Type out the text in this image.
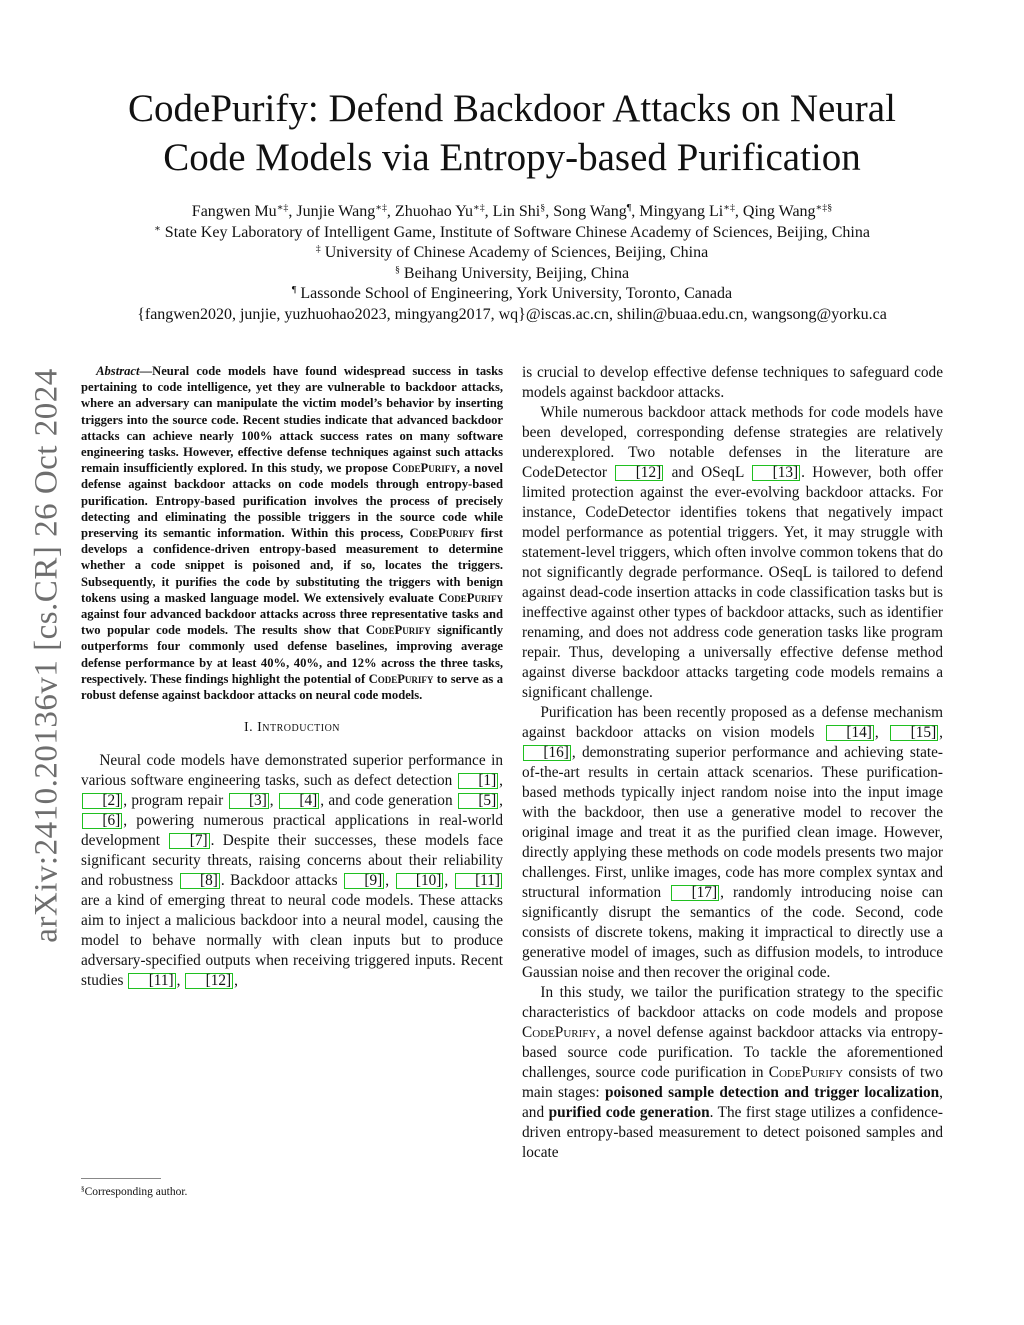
arXiv:2410.20136v1 [cs.CR] 26 Oct 2024
CodePurify: Defend Backdoor Attacks on Neural
Code Models via Entropy-based Purification
Fangwen Mu∗‡, Junjie Wang∗‡, Zhuohao Yu∗‡, Lin Shi§, Song Wang¶, Mingyang Li∗‡, Qing Wang∗‡§
∗ State Key Laboratory of Intelligent Game, Institute of Software Chinese Academy of Sciences, Beijing, China
‡ University of Chinese Academy of Sciences, Beijing, China
§ Beihang University, Beijing, China
¶ Lassonde School of Engineering, York University, Toronto, Canada
{fangwen2020, junjie, yuzhuohao2023, mingyang2017, wq}@iscas.ac.cn, shilin@buaa.edu.cn, wangsong@yorku.ca

Abstract—Neural code models have found widespread success in tasks pertaining to code intelligence, yet they are vulnerable to backdoor attacks, where an adversary can manipulate the victim model’s behavior by inserting triggers into the source code. Recent studies indicate that advanced backdoor attacks can achieve nearly 100% attack success rates on many software engineering tasks. However, effective defense techniques against such attacks remain insufficiently explored. In this study, we propose CodePurify, a novel defense against backdoor attacks on code models through entropy-based purification. Entropy-based purification involves the process of precisely detecting and eliminating the possible triggers in the source code while preserving its semantic information. Within this process, CodePurify first develops a confidence-driven entropy-based measurement to determine whether a code snippet is poisoned and, if so, locates the triggers. Subsequently, it purifies the code by substituting the triggers with benign tokens using a masked language model. We extensively evaluate CodePurify against four advanced backdoor attacks across three representative tasks and two popular code models. The results show that CodePurify significantly outperforms four commonly used defense baselines, improving average defense performance by at least 40%, 40%, and 12% across the three tasks, respectively. These findings highlight the potential of CodePurify to serve as a robust defense against backdoor attacks on neural code models.

I. Introduction

Neural code models have demonstrated superior performance in various software engineering tasks, such as defect detection [1] , [2] , program repair [3] , [4] , and code generation [5] , [6] , powering numerous practical applications in real-world development [7] . Despite their successes, these models face significant security threats, raising concerns about their reliability and robustness [8] . Backdoor attacks [9] , [10] , [11] are a kind of emerging threat to neural code models. These attacks aim to inject a malicious backdoor into a neural model, causing the model to behave normally with clean inputs but to produce adversary-specified outputs when receiving triggered inputs. Recent studies [11] , [12] ,

is crucial to develop effective defense techniques to safeguard code models against backdoor attacks.

While numerous backdoor attack methods for code models have been developed, corresponding defense strategies are relatively underexplored. Two notable defenses in the literature are CodeDetector [12] and OSeqL [13] . However, both offer limited protection against the ever-evolving backdoor attacks. For instance, CodeDetector identifies tokens that negatively impact model performance as potential triggers. Yet, it may struggle with statement-level triggers, which often involve common tokens that do not significantly degrade performance. OSeqL is tailored to defend against dead-code insertion attacks in code classification tasks but is ineffective against other types of backdoor attacks, such as identifier renaming, and does not address code generation tasks like program repair. Thus, developing a universally effective defense method against diverse backdoor attacks targeting code models remains a significant challenge.

Purification has been recently proposed as a defense mechanism against backdoor attacks on vision models [14] , [15] , [16] , demonstrating superior performance and achieving state-of-the-art results in certain attack scenarios. These purification-based methods typically inject random noise into the input image with the backdoor, then use a generative model to recover the original image and treat it as the purified clean image. However, directly applying these methods on code models presents two major challenges. First, unlike images, code has more complex syntax and structural information [17] , randomly introducing noise can significantly disrupt the semantics of the code. Second, code consists of discrete tokens, making it impractical to directly use a generative model of images, such as diffusion models, to introduce Gaussian noise and then recover the original code.

In this study, we tailor the purification strategy to the specific characteristics of backdoor attacks on code models and propose CodePurify, a novel defense against backdoor attacks via entropy-based source code purification. To tackle the aforementioned challenges, source code purification in CodePurify consists of two main stages: poisoned sample detection and trigger localization, and purified code generation. The first stage utilizes a confidence-driven entropy-based measurement to detect poisoned samples and locate

§Corresponding author.
